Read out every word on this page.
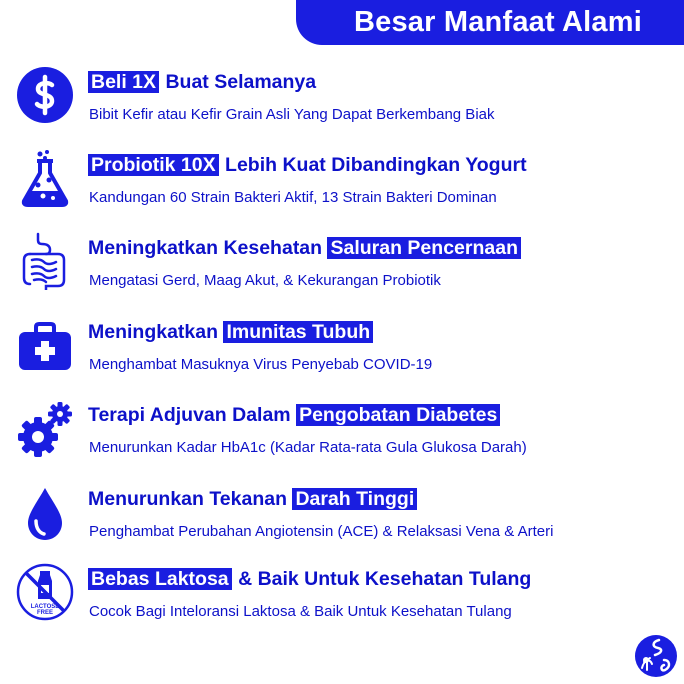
Besar Manfaat Alami
Beli 1X Buat Selamanya
Bibit Kefir atau Kefir Grain Asli Yang Dapat Berkembang Biak
Probiotik 10X Lebih Kuat Dibandingkan Yogurt
Kandungan 60 Strain Bakteri Aktif, 13 Strain Bakteri Dominan
Meningkatkan Kesehatan Saluran Pencernaan
Mengatasi Gerd, Maag Akut, & Kekurangan Probiotik
Meningkatkan Imunitas Tubuh
Menghambat Masuknya Virus Penyebab COVID-19
Terapi Adjuvan Dalam Pengobatan Diabetes
Menurunkan Kadar HbA1c (Kadar Rata-rata Gula Glukosa Darah)
Menurunkan Tekanan Darah Tinggi
Penghambat Perubahan Angiotensin (ACE) & Relaksasi Vena & Arteri
LACTOSE
FREE
Bebas Laktosa & Baik Untuk Kesehatan Tulang
Cocok Bagi Inteloransi Laktosa & Baik Untuk Kesehatan Tulang
